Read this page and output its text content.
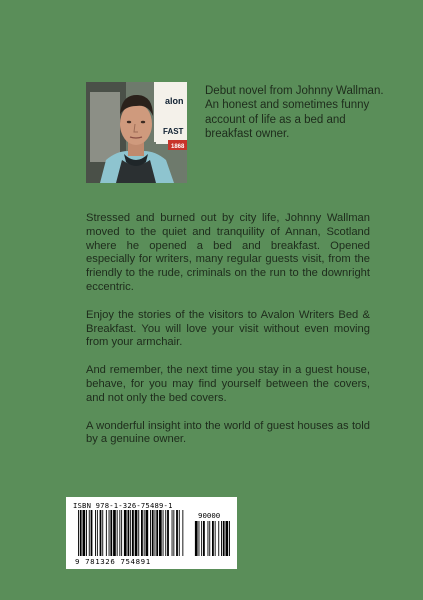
alon
FAST
1868
Debut novel from Johnny Wallman. An honest and sometimes funny account of life as a bed and breakfast owner.

Stressed and burned out by city life, Johnny Wallman moved to the quiet and tranquility of Annan, Scotland where he opened a bed and breakfast. Opened especially for writers, many regular guests visit, from the friendly to the rude, criminals on the run to the downright eccentric.

Enjoy the stories of the visitors to Avalon Writers Bed & Breakfast. You will love your visit without even moving from your armchair.

And remember, the next time you stay in a guest house, behave, for you may find yourself between the covers, and not only the bed covers.

A wonderful insight into the world of guest houses as told by a genuine owner.

ISBN 978-1-326-75489-1
90000
9 781326 754891
